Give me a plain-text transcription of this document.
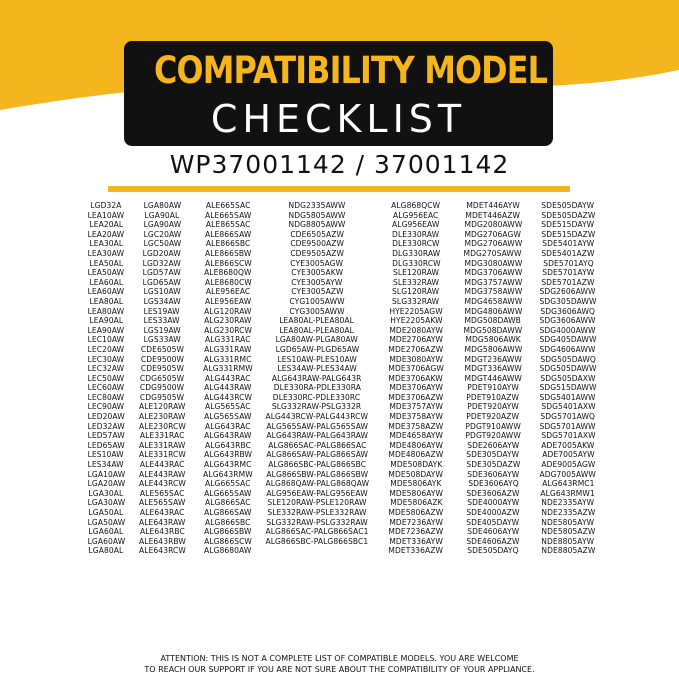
COMPATIBILITY MODEL
CHECKLIST
WP37001142 / 37001142
LGD32A
LEA10AW
LEA20AL
LEA20AW
LEA30AL
LEA30AW
LEA50AL
LEA50AW
LEA60AL
LEA60AW
LEA80AL
LEA80AW
LEA90AL
LEA90AW
LEC10AW
LEC20AW
LEC30AW
LEC32AW
LEC50AW
LEC60AW
LEC80AW
LEC90AW
LED20AW
LED32AW
LED57AW
LED65AW
LES10AW
LES34AW
LGA10AW
LGA20AW
LGA30AL
LGA30AW
LGA50AL
LGA50AW
LGA60AL
LGA60AW
LGA80AL
LGA80AW
LGA90AL
LGA90AW
LGC20AW
LGC50AW
LGD20AW
LGD32AW
LGD57AW
LGD65AW
LGS10AW
LGS34AW
LES19AW
LES33AW
LGS19AW
LGS33AW
CDE6505W
CDE9500W
CDE9505W
CDG6505W
CDG9500W
CDG9505W
ALE120RAW
ALE230RAW
ALE230RCW
ALE331RAC
ALE331RAW
ALE331RCW
ALE443RAC
ALE443RAW
ALE443RCW
ALE565SAC
ALE565SAW
ALE643RAC
ALE643RAW
ALE643RBC
ALE643RBW
ALE643RCW
ALE665SAC
ALE665SAW
ALE865SAC
ALE866SAW
ALE866SBC
ALE866SBW
ALE866SCW
ALE8680QW
ALE8680CW
ALE956EAC
ALE956EAW
ALG120RAW
ALG230RAW
ALG230RCW
ALG331RAC
ALG331RAW
ALG331RMC
ALG331RMW
ALG443RAC
ALG443RAW
ALG443RCW
ALG565SAC
ALG565SAW
ALG643RAC
ALG643RAW
ALG643RBC
ALG643RBW
ALG643RMC
ALG643RMW
ALG665SAC
ALG665SAW
ALG866SAC
ALG866SAW
ALG866SBC
ALG866SBW
ALG866SCW
ALG8680AW
NDG2335AWW
NDG5805AWW
NDG8805AWW
CDE6505AZW
CDE9500AZW
CDE9505AZW
CYE3005AGW
CYE3005AKW
CYE3005AYW
CYE3005AZW
CYG1005AWW
CYG3005AWW
LEA80AL-PLEA80AL
LEA80AL-PLEA80AL
LGA80AW-PLGA80AW
LGD65AW-PLGD65AW
LES10AW-PLES10AW
LES34AW-PLES34AW
ALG643RAW-PALG643R
DLE330RA-PDLE330RA
DLE330RC-PDLE330RC
SLG332RAW-PSLG332R
ALG443RCW-PALG443RCW
ALG565SAW-PALG565SAW
ALG643RAW-PALG643RAW
ALG866SAC-PALG866SAC
ALG866SAW-PALG866SAW
ALG866SBC-PALG866SBC
ALG866SBW-PALG866SBW
ALG868QAW-PALG868QAW
ALG956EAW-PALG956EAW
SLE120RAW-PSLE120RAW
SLE332RAW-PSLE332RAW
SLG332RAW-PSLG332RAW
ALG866SAC-PALG866SAC1
ALG866SBC-PALG866SBC1
ALG868QCW
ALG956EAC
ALG956EAW
DLE330RAW
DLE330RCW
DLG330RAW
DLG330RCW
SLE120RAW
SLE332RAW
SLG120RAW
SLG332RAW
HYE2205AGW
HYE2205AKW
MDE2080AYW
MDE2706AYW
MDE2706AZW
MDE3080AYW
MDE3706AGW
MDE3706AKW
MDE3706AYW
MDE3706AZW
MDE3757AYW
MDE3758AYW
MDE3758AZW
MDE4658AYW
MDE4806AYW
MDE4806AZW
MDE508DAYK
MDE508DAYW
MDE5806AYK
MDE5806AYW
MDE5806AZK
MDE5806AZW
MDE7236AYW
MDE7236AZW
MDET336AYW
MDET336AZW
MDET446AYW
MDET446AZW
MDG2080AWW
MDG2706AGW
MDG2706AWW
MDG270SAWW
MDG3080AWW
MDG3706AWW
MDG3757AWW
MDG3758AWW
MDG4658AWW
MDG4806AWW
MDG508DAWB
MDG508DAWW
MDG5806AWK
MDG5806AWW
MDGT236AWW
MDGT336AWW
MDGT446AWW
PDET910AYW
PDET910AZW
PDET920AYW
PDET920AZW
PDGT910AWW
PDGT920AWW
SDE2606AYW
SDE305DAYW
SDE305DAZW
SDE3606AYW
SDE3606AYQ
SDE3606AZW
SDE4000AYW
SDE4000AZW
SDE405DAYW
SDE4606AYW
SDE4606AZW
SDE505DAYQ
SDE505DAYW
SDE505DAZW
SDE515DAYW
SDE515DAZW
SDE5401AYW
SDE5401AZW
SDE5701AYQ
SDE5701AYW
SDE5701AZW
SDG2606AWW
SDG305DAWW
SDG3606AWQ
SDG3606AWW
SDG4000AWW
SDG405DAWW
SDG4606AWW
SDG505DAWQ
SDG505DAWW
SDG505DAXW
SDG515DAWW
SDG5401AWW
SDG5401AXW
SDG5701AWQ
SDG5701AWW
SDG5701AXW
ADE7005AKW
ADE7005AYW
ADE9005AGW
ADG7005AWW
ALG643RMC1
ALG643RMW1
NDE2335AYW
NDE2335AZW
NDE5805AYW
NDE5805AZW
NDE8805AYW
NDE8805AZW
ATTENTION: THIS IS NOT A COMPLETE LIST OF COMPATIBLE MODELS. YOU ARE WELCOME
TO REACH OUR SUPPORT IF YOU ARE NOT SURE ABOUT THE COMPATIBILITY OF YOUR APPLIANCE.
